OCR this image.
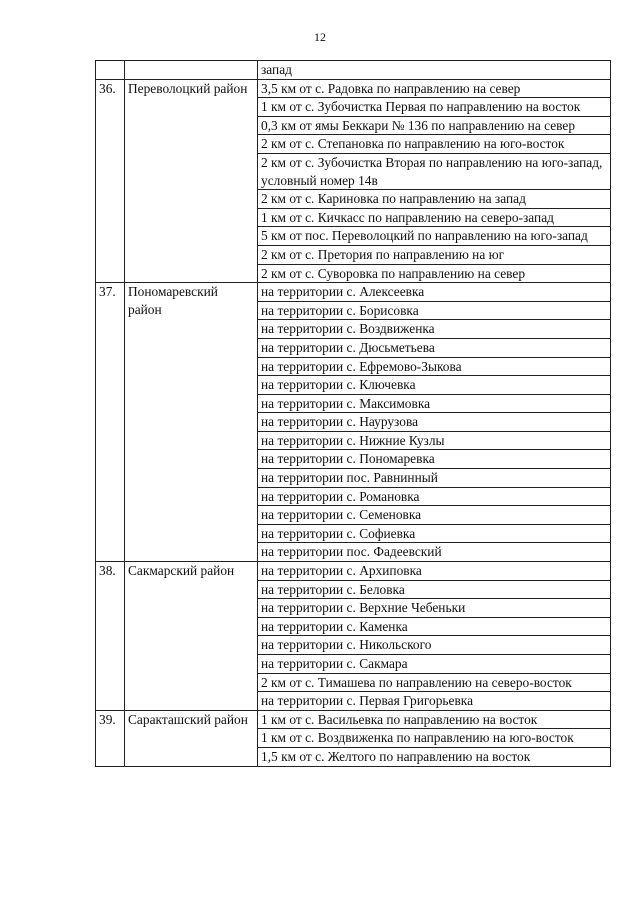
12
		запад
36.	Переволоцкий район	3,5 км от с. Радовка по направлению на север
		1 км от с. Зубочистка Первая по направлению на восток
		0,3 км от ямы Беккари № 136 по направлению на север
		2 км от с. Степановка по направлению на юго-восток
		2 км от с. Зубочистка Вторая по направлению на юго-запад, условный номер 14в
		2 км от с. Кариновка по направлению на запад
		1 км от с. Кичкасс по направлению на северо-запад
		5 км от пос. Переволоцкий по направлению на юго-запад
		2 км от с. Претория по направлению на юг
		2 км от с. Суворовка по направлению на север
37.	Пономаревский район	на территории с. Алексеевка
		на территории с. Борисовка
		на территории с. Воздвиженка
		на территории с. Дюсьметьева
		на территории с. Ефремово-Зыкова
		на территории с. Ключевка
		на территории с. Максимовка
		на территории с. Наурузова
		на территории с. Нижние Кузлы
		на территории с. Пономаревка
		на территории пос. Равнинный
		на территории с. Романовка
		на территории с. Семеновка
		на территории с. Софиевка
		на территории пос. Фадеевский
38.	Сакмарский район	на территории с. Архиповка
		на территории с. Беловка
		на территории с. Верхние Чебеньки
		на территории с. Каменка
		на территории с. Никольского
		на территории с. Сакмара
		2 км от с. Тимашева по направлению на северо-восток
		на территории с. Первая Григорьевка
39.	Саракташский район	1 км от с. Васильевка по направлению на восток
		1 км от с. Воздвиженка по направлению на юго-восток
		1,5 км от с. Желтого по направлению на восток
